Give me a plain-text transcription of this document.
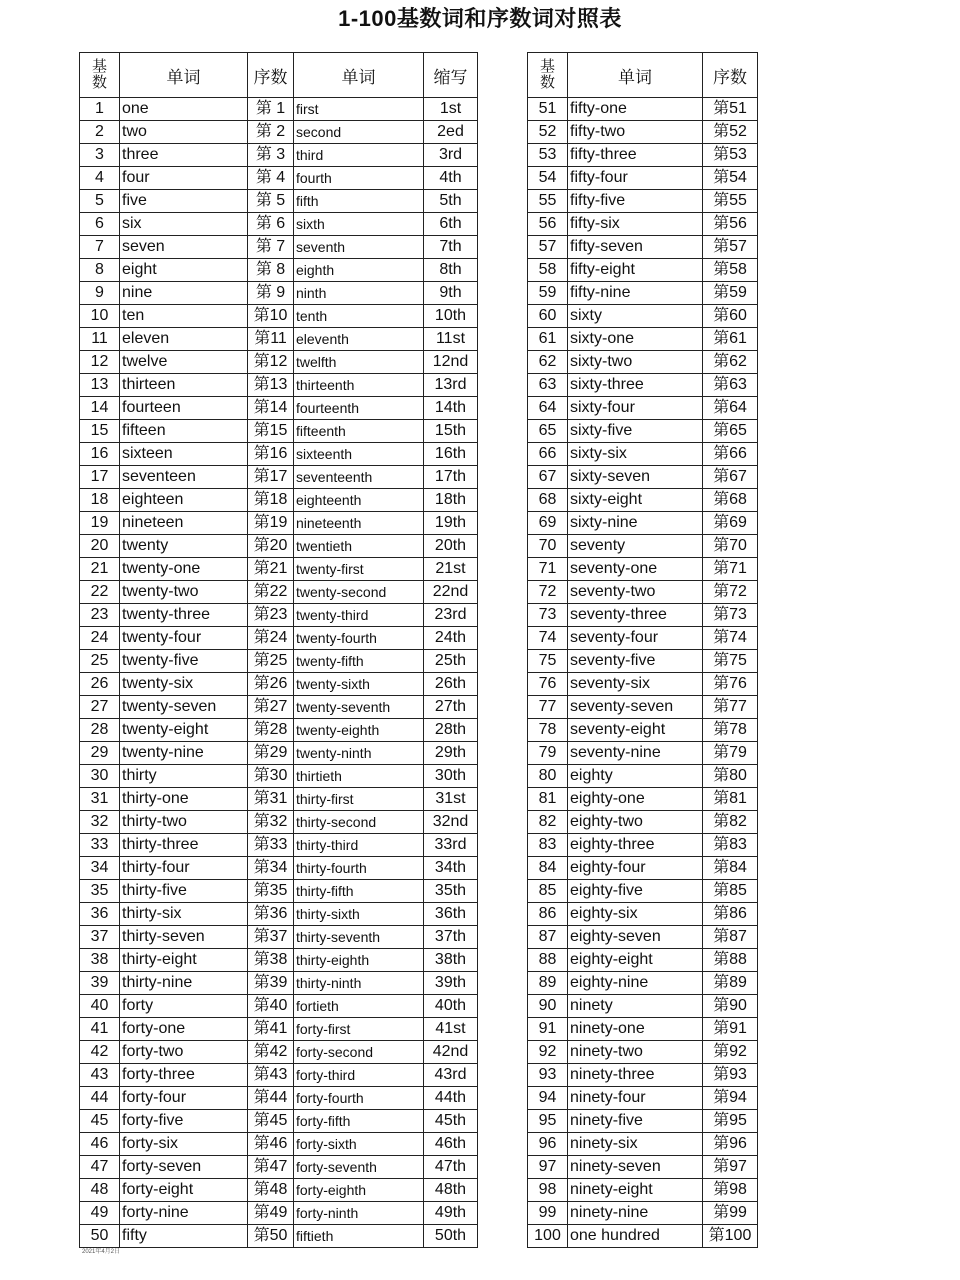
1-100基数词和序数词对照表
基数	单词	序数	单词	缩写
1	one	第 1	first	1st
2	two	第 2	second	2ed
3	three	第 3	third	3rd
4	four	第 4	fourth	4th
5	five	第 5	fifth	5th
6	six	第 6	sixth	6th
7	seven	第 7	seventh	7th
8	eight	第 8	eighth	8th
9	nine	第 9	ninth	9th
10	ten	第10	tenth	10th
11	eleven	第11	eleventh	11st
12	twelve	第12	twelfth	12nd
13	thirteen	第13	thirteenth	13rd
14	fourteen	第14	fourteenth	14th
15	fifteen	第15	fifteenth	15th
16	sixteen	第16	sixteenth	16th
17	seventeen	第17	seventeenth	17th
18	eighteen	第18	eighteenth	18th
19	nineteen	第19	nineteenth	19th
20	twenty	第20	twentieth	20th
21	twenty-one	第21	twenty-first	21st
22	twenty-two	第22	twenty-second	22nd
23	twenty-three	第23	twenty-third	23rd
24	twenty-four	第24	twenty-fourth	24th
25	twenty-five	第25	twenty-fifth	25th
26	twenty-six	第26	twenty-sixth	26th
27	twenty-seven	第27	twenty-seventh	27th
28	twenty-eight	第28	twenty-eighth	28th
29	twenty-nine	第29	twenty-ninth	29th
30	thirty	第30	thirtieth	30th
31	thirty-one	第31	thirty-first	31st
32	thirty-two	第32	thirty-second	32nd
33	thirty-three	第33	thirty-third	33rd
34	thirty-four	第34	thirty-fourth	34th
35	thirty-five	第35	thirty-fifth	35th
36	thirty-six	第36	thirty-sixth	36th
37	thirty-seven	第37	thirty-seventh	37th
38	thirty-eight	第38	thirty-eighth	38th
39	thirty-nine	第39	thirty-ninth	39th
40	forty	第40	fortieth	40th
41	forty-one	第41	forty-first	41st
42	forty-two	第42	forty-second	42nd
43	forty-three	第43	forty-third	43rd
44	forty-four	第44	forty-fourth	44th
45	forty-five	第45	forty-fifth	45th
46	forty-six	第46	forty-sixth	46th
47	forty-seven	第47	forty-seventh	47th
48	forty-eight	第48	forty-eighth	48th
49	forty-nine	第49	forty-ninth	49th
50	fifty	第50	fiftieth	50th
基数	单词	序数
51	fifty-one	第51
52	fifty-two	第52
53	fifty-three	第53
54	fifty-four	第54
55	fifty-five	第55
56	fifty-six	第56
57	fifty-seven	第57
58	fifty-eight	第58
59	fifty-nine	第59
60	sixty	第60
61	sixty-one	第61
62	sixty-two	第62
63	sixty-three	第63
64	sixty-four	第64
65	sixty-five	第65
66	sixty-six	第66
67	sixty-seven	第67
68	sixty-eight	第68
69	sixty-nine	第69
70	seventy	第70
71	seventy-one	第71
72	seventy-two	第72
73	seventy-three	第73
74	seventy-four	第74
75	seventy-five	第75
76	seventy-six	第76
77	seventy-seven	第77
78	seventy-eight	第78
79	seventy-nine	第79
80	eighty	第80
81	eighty-one	第81
82	eighty-two	第82
83	eighty-three	第83
84	eighty-four	第84
85	eighty-five	第85
86	eighty-six	第86
87	eighty-seven	第87
88	eighty-eight	第88
89	eighty-nine	第89
90	ninety	第90
91	ninety-one	第91
92	ninety-two	第92
93	ninety-three	第93
94	ninety-four	第94
95	ninety-five	第95
96	ninety-six	第96
97	ninety-seven	第97
98	ninety-eight	第98
99	ninety-nine	第99
100	one hundred	第100
2021年4月2日
